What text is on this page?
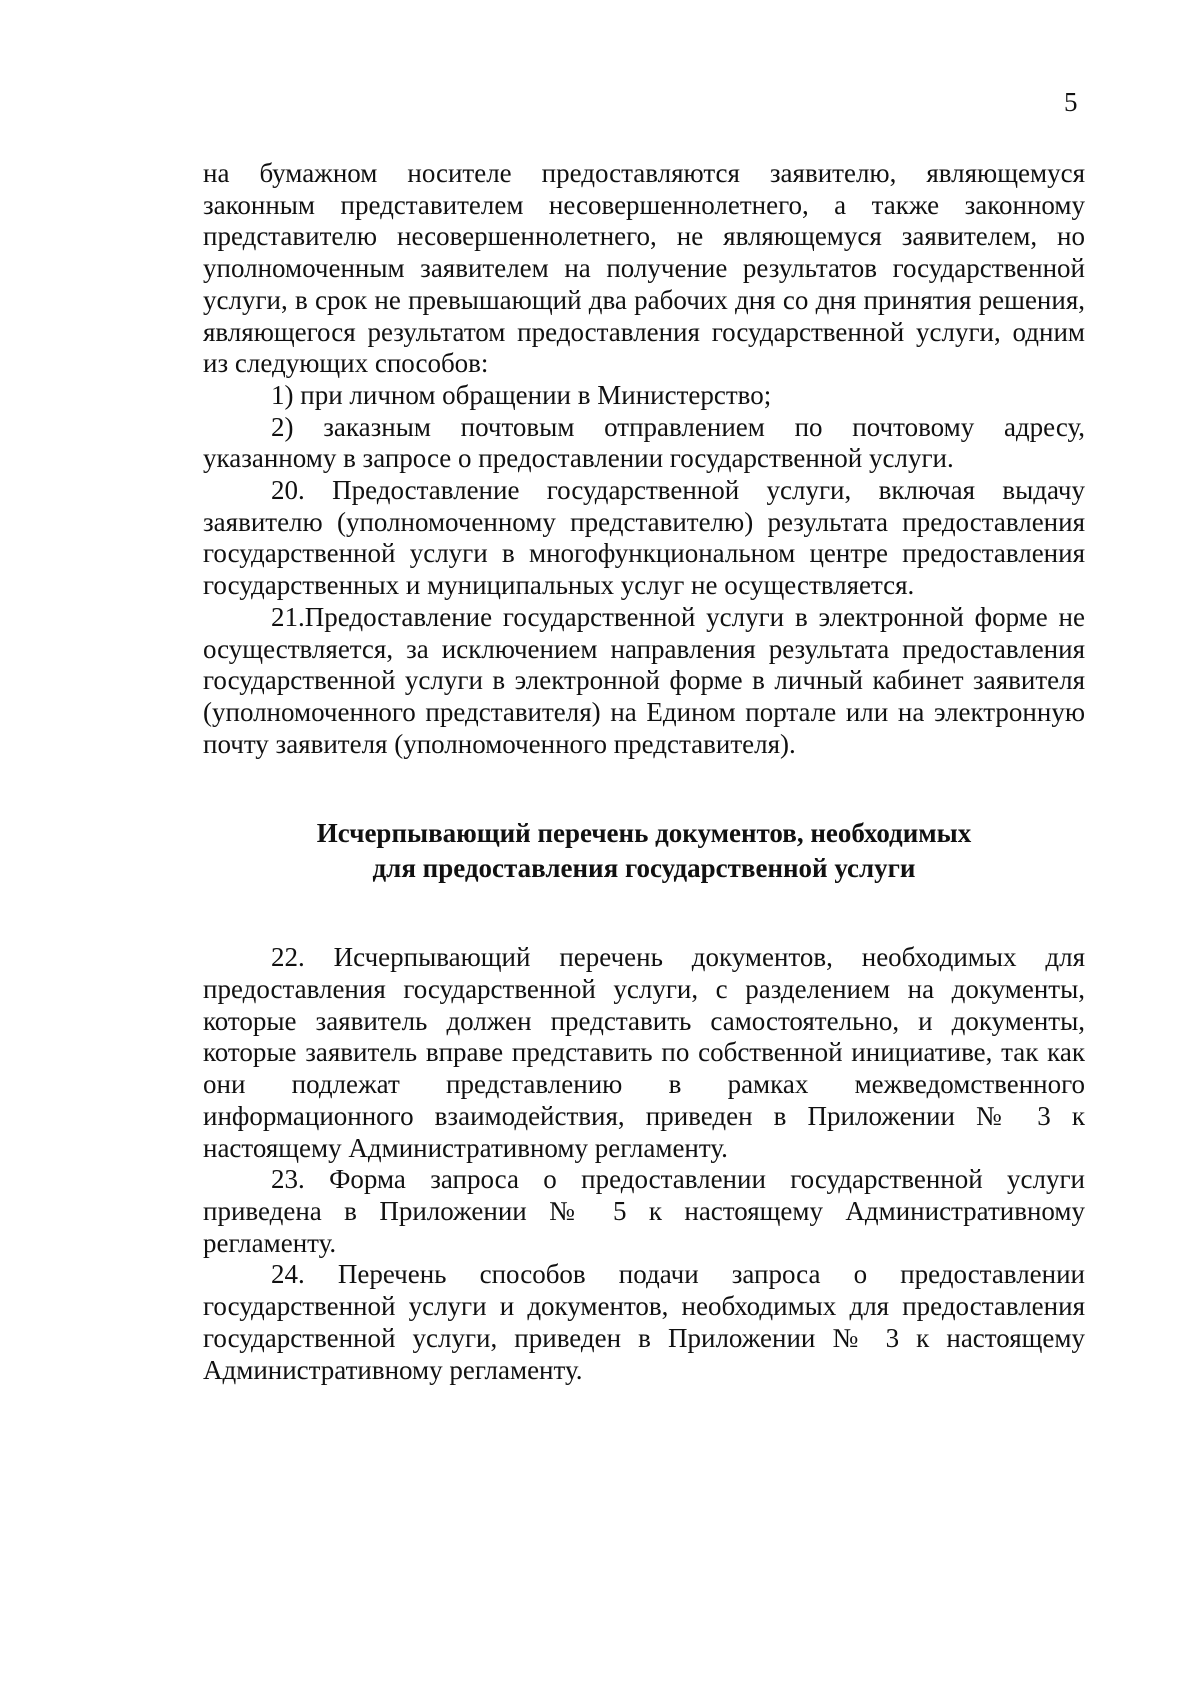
5

на бумажном носителе предоставляются заявителю, являющемуся законным представителем несовершеннолетнего, а также законному представителю несовершеннолетнего, не являющемуся заявителем, но уполномоченным заявителем на получение результатов государственной услуги, в срок не превышающий два рабочих дня со дня принятия решения, являющегося результатом предоставления государственной услуги, одним из следующих способов:

1) при личном обращении в Министерство;

2) заказным почтовым отправлением по почтовому адресу, указанному в запросе о предоставлении государственной услуги.

20. Предоставление государственной услуги, включая выдачу заявителю (уполномоченному представителю) результата предоставления государственной услуги в многофункциональном центре предоставления государственных и муниципальных услуг не осуществляется.

21.Предоставление государственной услуги в электронной форме не осуществляется, за исключением направления результата предоставления государственной услуги в электронной форме в личный кабинет заявителя (уполномоченного представителя) на Едином портале или на электронную почту заявителя (уполномоченного представителя).

Исчерпывающий перечень документов, необходимых
для предоставления государственной услуги

22. Исчерпывающий перечень документов, необходимых для предоставления государственной услуги, с разделением на документы, которые заявитель должен представить самостоятельно, и документы, которые заявитель вправе представить по собственной инициативе, так как они подлежат представлению в рамках межведомственного информационного взаимодействия, приведен в Приложении № 3 к настоящему Административному регламенту.

23. Форма запроса о предоставлении государственной услуги приведена в Приложении № 5 к настоящему Административному регламенту.

24. Перечень способов подачи запроса о предоставлении государственной услуги и документов, необходимых для предоставления государственной услуги, приведен в Приложении № 3 к настоящему Административному регламенту.
